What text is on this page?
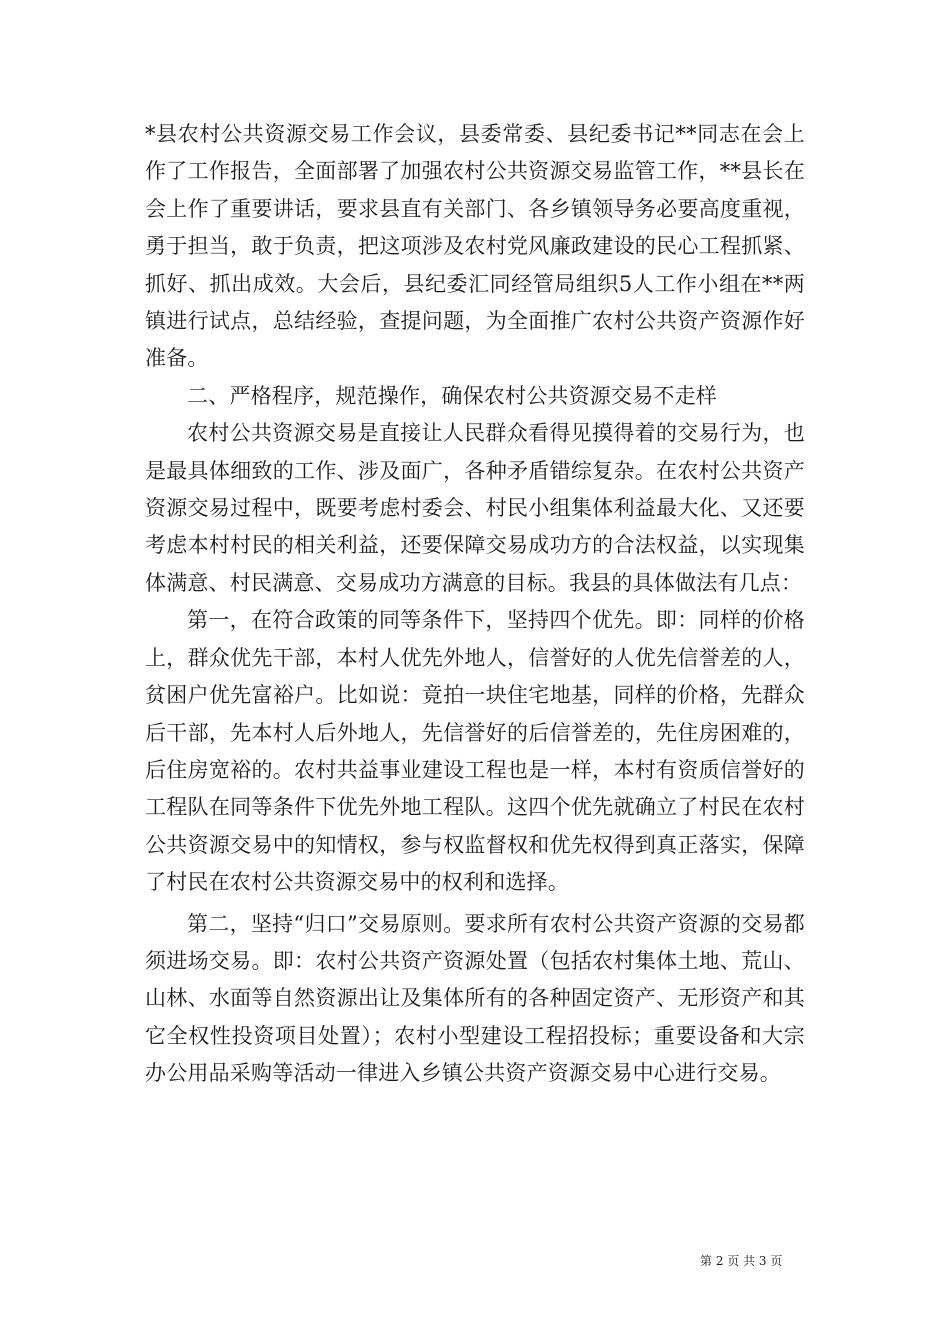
*县农村公共资源交易工作会议，县委常委、县纪委书记**同志在会上作了工作报告，全面部署了加强农村公共资源交易监管工作，**县长在会上作了重要讲话，要求县直有关部门、各乡镇领导务必要高度重视，勇于担当，敢于负责，把这项涉及农村党风廉政建设的民心工程抓紧、抓好、抓出成效。大会后，县纪委汇同经管局组织5人工作小组在**两镇进行试点，总结经验，查提问题，为全面推广农村公共资产资源作好准备。

二、严格程序，规范操作，确保农村公共资源交易不走样

农村公共资源交易是直接让人民群众看得见摸得着的交易行为，也是最具体细致的工作、涉及面广，各种矛盾错综复杂。在农村公共资产资源交易过程中，既要考虑村委会、村民小组集体利益最大化、又还要考虑本村村民的相关利益，还要保障交易成功方的合法权益，以实现集体满意、村民满意、交易成功方满意的目标。我县的具体做法有几点：

第一，在符合政策的同等条件下，坚持四个优先。即：同样的价格上，群众优先干部，本村人优先外地人，信誉好的人优先信誉差的人，贫困户优先富裕户。比如说：竟拍一块住宅地基，同样的价格，先群众后干部，先本村人后外地人，先信誉好的后信誉差的，先住房困难的，后住房宽裕的。农村共益事业建设工程也是一样，本村有资质信誉好的工程队在同等条件下优先外地工程队。这四个优先就确立了村民在农村公共资源交易中的知情权，参与权监督权和优先权得到真正落实，保障了村民在农村公共资源交易中的权利和选择。

第二，坚持“归口”交易原则。要求所有农村公共资产资源的交易都须进场交易。即：农村公共资产资源处置（包括农村集体土地、荒山、山林、水面等自然资源出让及集体所有的各种固定资产、无形资产和其它全权性投资项目处置）；农村小型建设工程招投标；重要设备和大宗办公用品采购等活动一律进入乡镇公共资产资源交易中心进行交易。

第 2 页 共 3 页
